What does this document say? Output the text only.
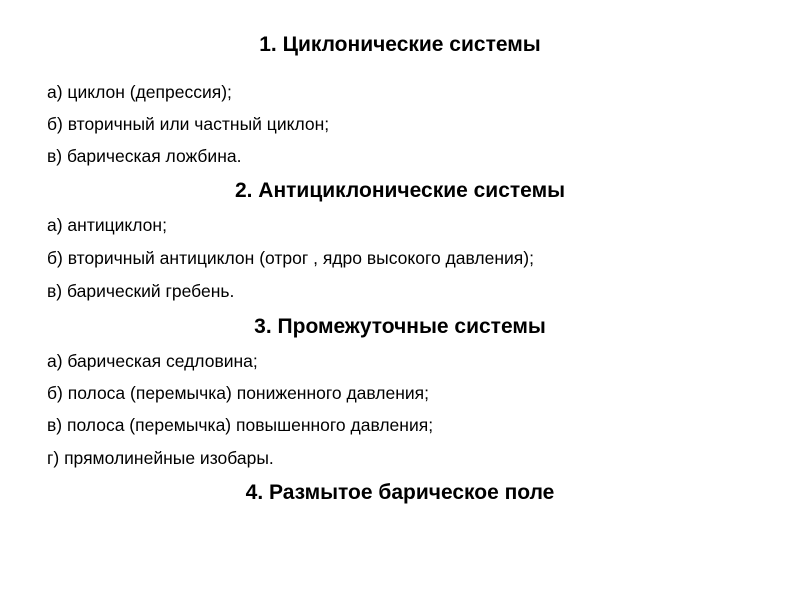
1. Циклонические системы
а) циклон (депрессия);
б) вторичный или частный циклон;
в) барическая ложбина.
2. Антициклонические системы
а) антициклон;
б) вторичный антициклон (отрог , ядро высокого давления);
в) барический гребень.
3. Промежуточные системы
а) барическая седловина;
б) полоса (перемычка) пониженного давления;
в) полоса (перемычка) повышенного давления;
г) прямолинейные изобары.
4. Размытое барическое поле
